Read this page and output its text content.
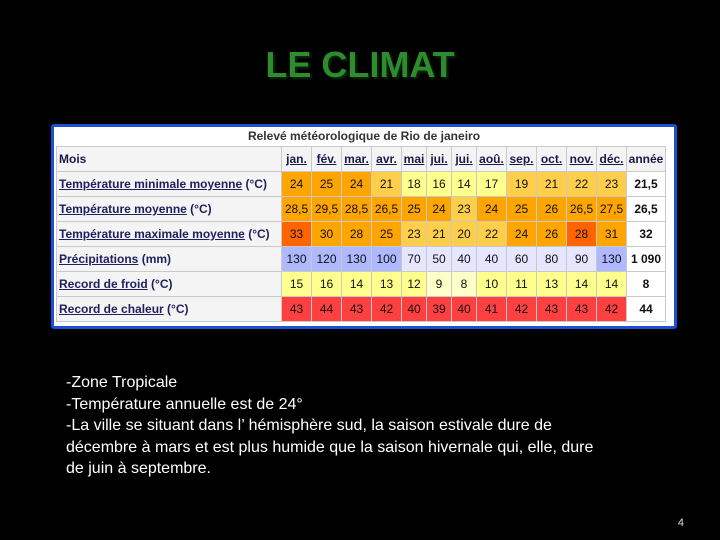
LE CLIMAT
Relevé météorologique de Rio de janeiro
Mois	jan.	fév.	mar.	avr.	mai	jui.	jui.	aoû.	sep.	oct.	nov.	déc.	année
Température minimale moyenne (°C)	24	25	24	21	18	16	14	17	19	21	22	23	21,5
Température moyenne (°C)	28,5	29,5	28,5	26,5	25	24	23	24	25	26	26,5	27,5	26,5
Température maximale moyenne (°C)	33	30	28	25	23	21	20	22	24	26	28	31	32
Précipitations (mm)	130	120	130	100	70	50	40	40	60	80	90	130	1 090
Record de froid (°C)	15	16	14	13	12	9	8	10	11	13	14	14	8
Record de chaleur (°C)	43	44	43	42	40	39	40	41	42	43	43	42	44

-Zone Tropicale

-Température annuelle est de 24°

-La ville se situant dans l’ hémisphère sud, la saison estivale dure de

décembre à mars et est plus humide que la saison hivernale qui, elle, dure

de juin à septembre.

4
